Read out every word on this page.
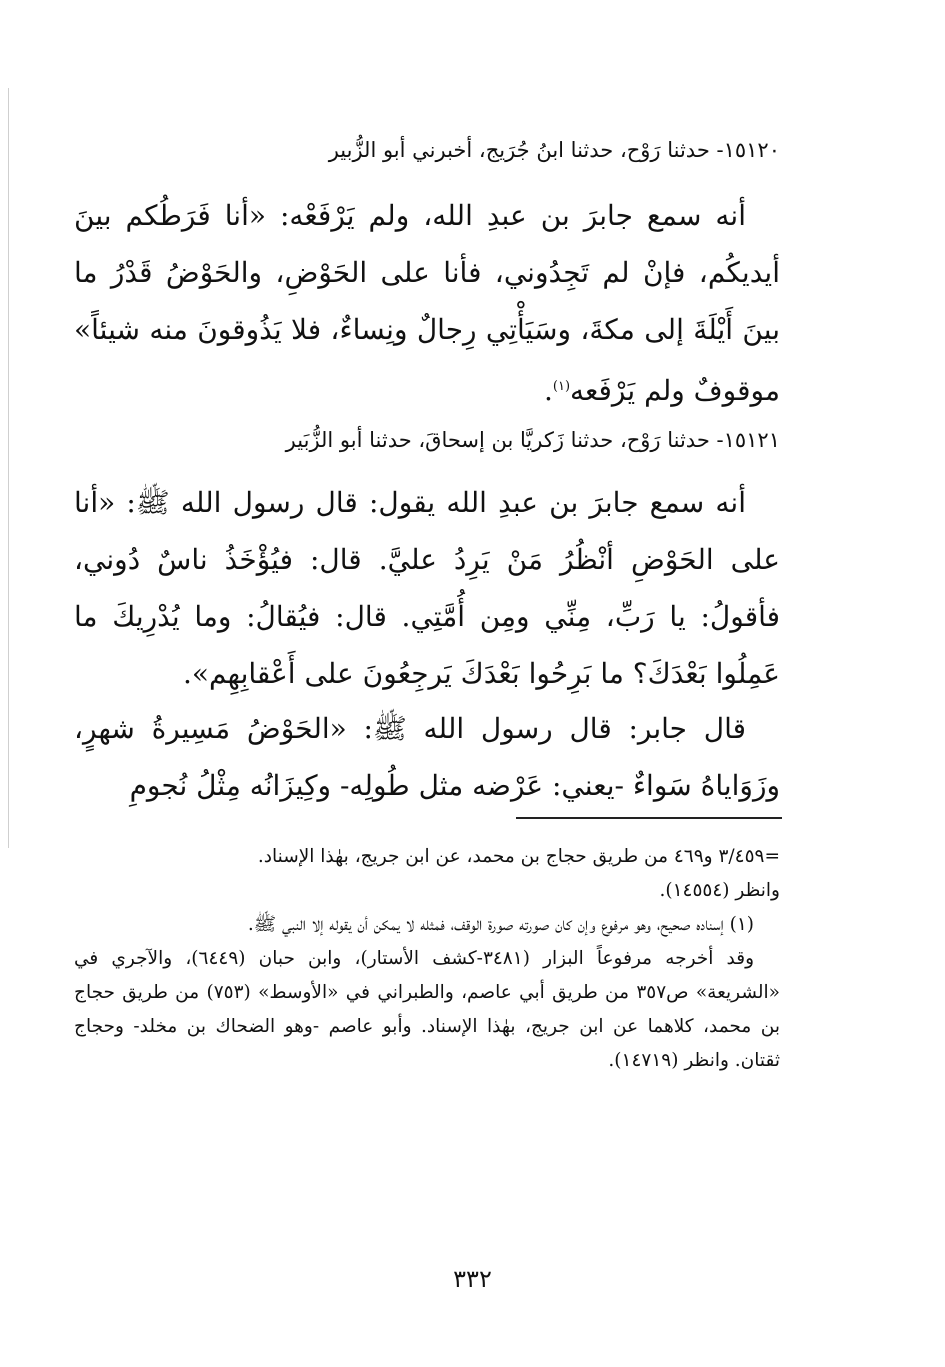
١٥١٢٠- حدثنا رَوْح، حدثنا ابنُ جُرَيج، أخبرني أبو الزُّبير
أنه سمع جابرَ بن عبدِ الله، ولم يَرْفَعْه: «أنا فَرَطُكم بينَ أيديكُم، فإنْ لم تَجِدُوني، فأنا على الحَوْضِ، والحَوْضُ قَدْرُ ما بينَ أَيْلَةَ إلى مكةَ، وسَيَأْتِي رِجالٌ ونِساءٌ، فلا يَذُوقونَ منه شيئاً» موقوفٌ ولم يَرْفَعه$^{(١)}$.
١٥١٢١- حدثنا رَوْح، حدثنا زَكريَّا بن إسحاقَ، حدثنا أبو الزُّبَير
أنه سمع جابرَ بن عبدِ الله يقول: قال رسول الله ﷺ: «أنا على الحَوْضِ أنْظُرُ مَنْ يَرِدُ عليَّ. قال: فيُؤْخَذُ ناسٌ دُوني، فأقولُ: يا رَبِّ، مِنِّي ومِن أُمَّتِي. قال: فيُقالُ: وما يُدْرِيكَ ما عَمِلُوا بَعْدَكَ؟ ما بَرِحُوا بَعْدَكَ يَرجِعُونَ على أَعْقابِهِم».
قال جابر: قال رسول الله ﷺ: «الحَوْضُ مَسِيرةُ شهرٍ، وزَوَاياهُ سَواءٌ -يعني: عَرْضه مثل طُولِه- وكِيزَانُه مِثْلُ نُجومِ

=٣/٤٥٩ و٤٦٩ من طريق حجاج بن محمد، عن ابن جريج، بهٰذا الإسناد.

وانظر (١٤٥٥٤).

(١) إسناده صحيح، وهو مرفوع وإن كان صورته صورة الوقف، فمثله لا يمكن أن يقوله إلا النبي ﷺ.

وقد أخرجه مرفوعاً البزار (٣٤٨١-كشف الأستار)، وابن حبان (٦٤٤٩)، والآجري في «الشريعة» ص٣٥٧ من طريق أبي عاصم، والطبراني في «الأوسط» (٧٥٣) من طريق حجاج بن محمد، كلاهما عن ابن جريج، بهٰذا الإسناد. وأبو عاصم -وهو الضحاك بن مخلد- وحجاج ثقتان. وانظر (١٤٧١٩).

٣٣٢
